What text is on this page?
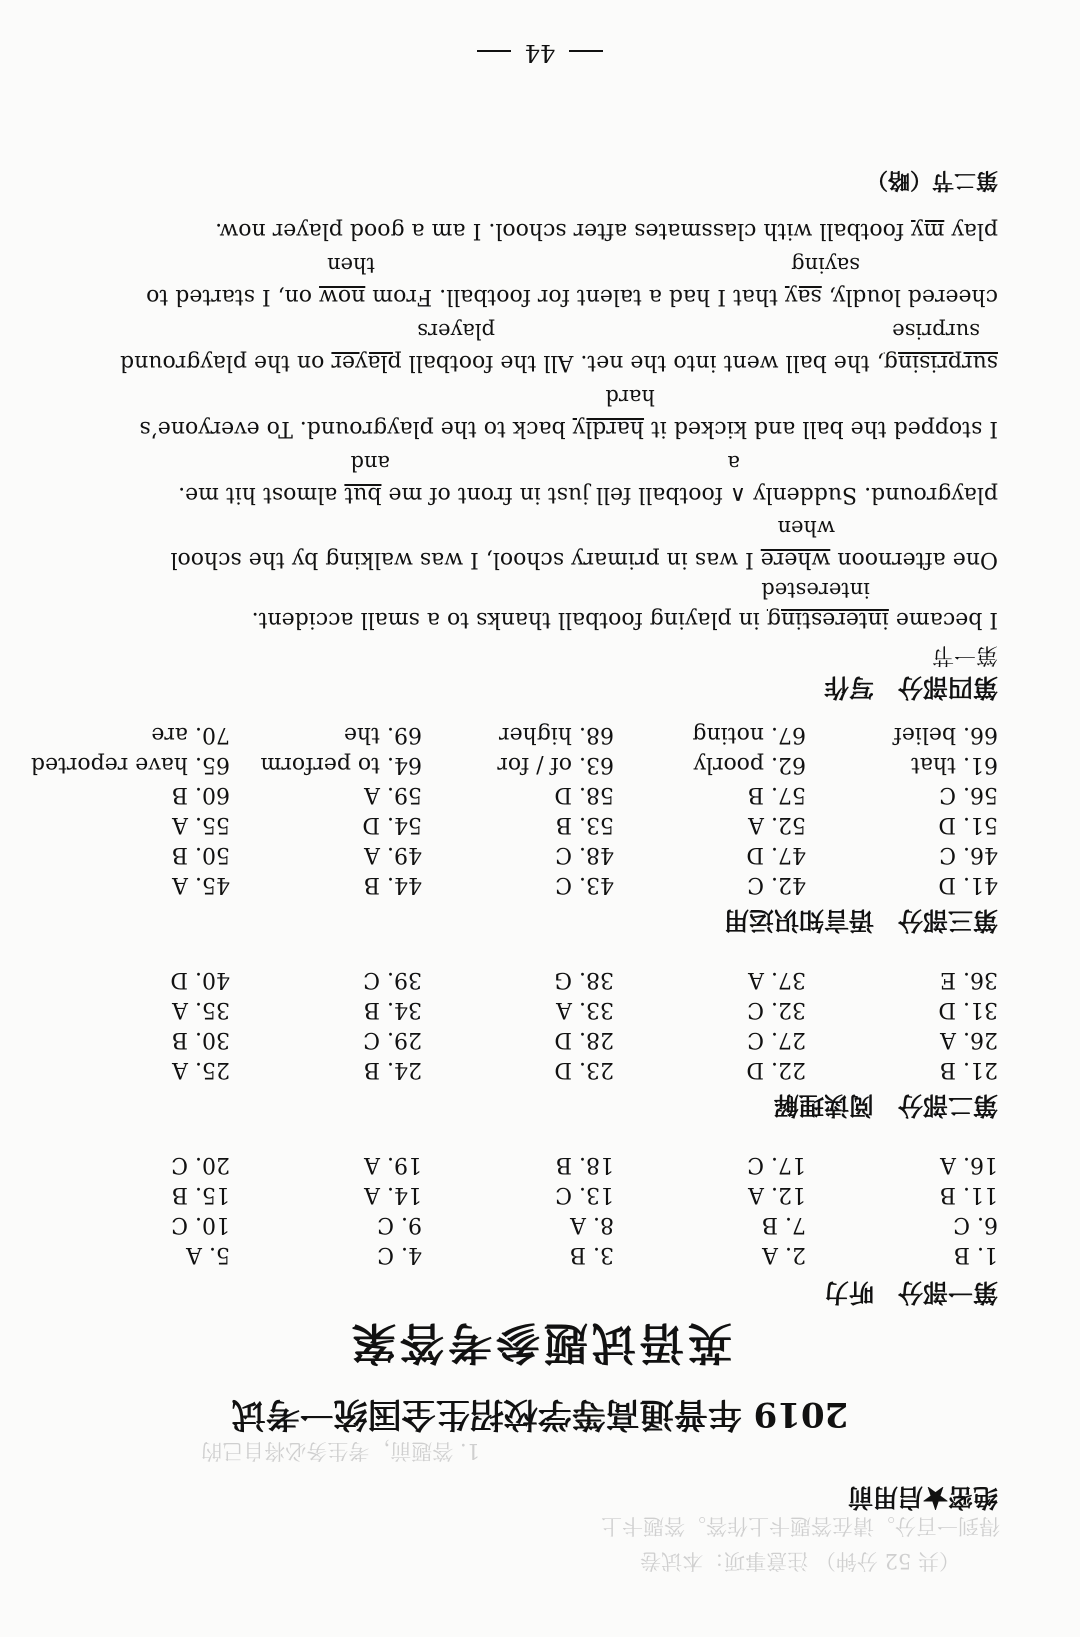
（共 52 分钟） 注意事项：本试卷
得到一百分。请在答题卡上作答。答题卡上
1. 答题前，考生务必将自己的
绝密★启用前
2019 年普通高等学校招生全国统一考试
英语试题参考答案
第一部分听力
1. B
2. A
3. B
4. C
5. A
6. C
7. B
8. A
9. C
10. C
11. B
12. A
13. C
14. A
15. B
16. A
17. C
18. B
19. A
20. C
第二部分阅读理解
21. B
22. D
23. D
24. B
25. A
26. A
27. C
28. D
29. C
30. B
31. D
32. C
33. A
34. B
35. A
36. E
37. A
38. G
39. C
40. D
第三部分语言知识运用
41. D
42. C
43. C
44. B
45. A
46. C
47. D
48. C
49. A
50. B
51. D
52. A
53. B
54. D
55. A
56. C
57. B
58. D
59. A
60. B
61. that
62. poorly
63. of / for
64. to perform
65. have reported
66. belief
67. noting
68. higher
69. the
70. are
第四部分写作
第一节
I became interesting in playing football thanks to a small accident.
interested
One afternoon where I was in primary school, I was walking by the school
when
playground. Suddenly ∧ football fell just in front of me but almost hit me.
a
and
I stopped the ball and kicked it hardly back to the playground. To everyone’s
hard
surprising, the ball went into the net. All the football player on the playground
surprise
players
cheered loudly, say that I had a talent for football. From now on, I started to
saying
then
play my football with classmates after school. I am a good player now.
第二节（略）
44
